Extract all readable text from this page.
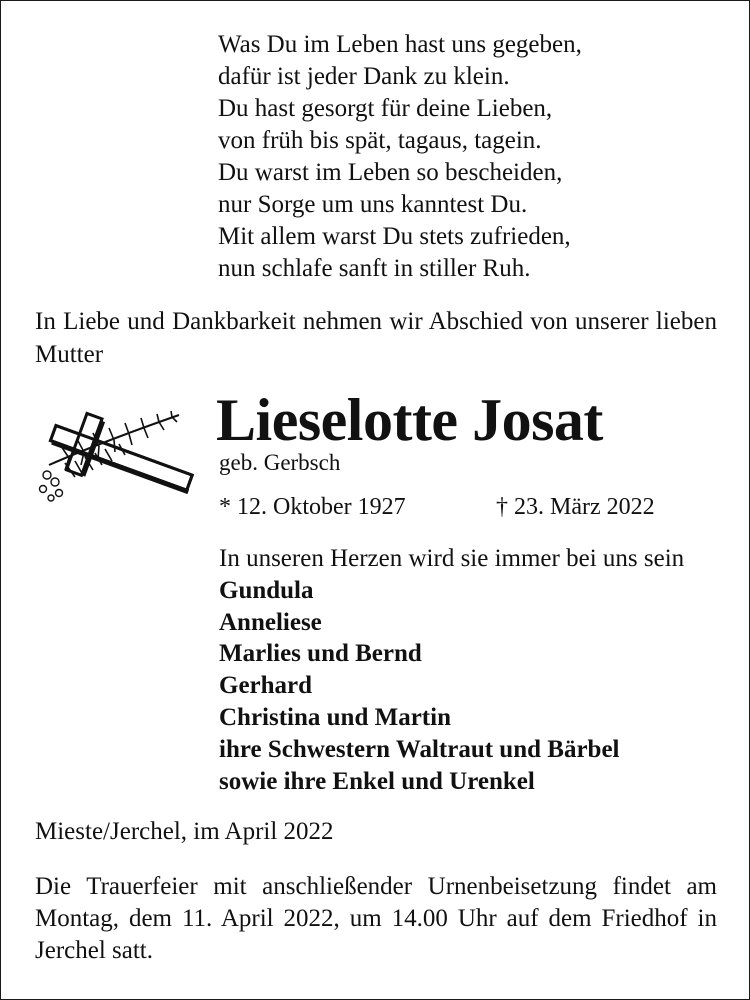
Was Du im Leben hast uns gegeben,
dafür ist jeder Dank zu klein.
Du hast gesorgt für deine Lieben,
von früh bis spät, tagaus, tagein.
Du warst im Leben so bescheiden,
nur Sorge um uns kanntest Du.
Mit allem warst Du stets zufrieden,
nun schlafe sanft in stiller Ruh.
In Liebe und Dankbarkeit nehmen wir Abschied von unserer lieben Mutter
Lieselotte Josat
geb. Gerbsch
* 12. Oktober 1927	† 23. März 2022
In unseren Herzen wird sie immer bei uns sein
Gundula
Anneliese
Marlies und Bernd
Gerhard
Christina und Martin
ihre Schwestern Waltraut und Bärbel
sowie ihre Enkel und Urenkel
Mieste/Jerchel, im April 2022
Die Trauerfeier mit anschließender Urnenbeisetzung findet am Montag, dem 11. April 2022, um 14.00 Uhr auf dem Friedhof in Jerchel satt.
